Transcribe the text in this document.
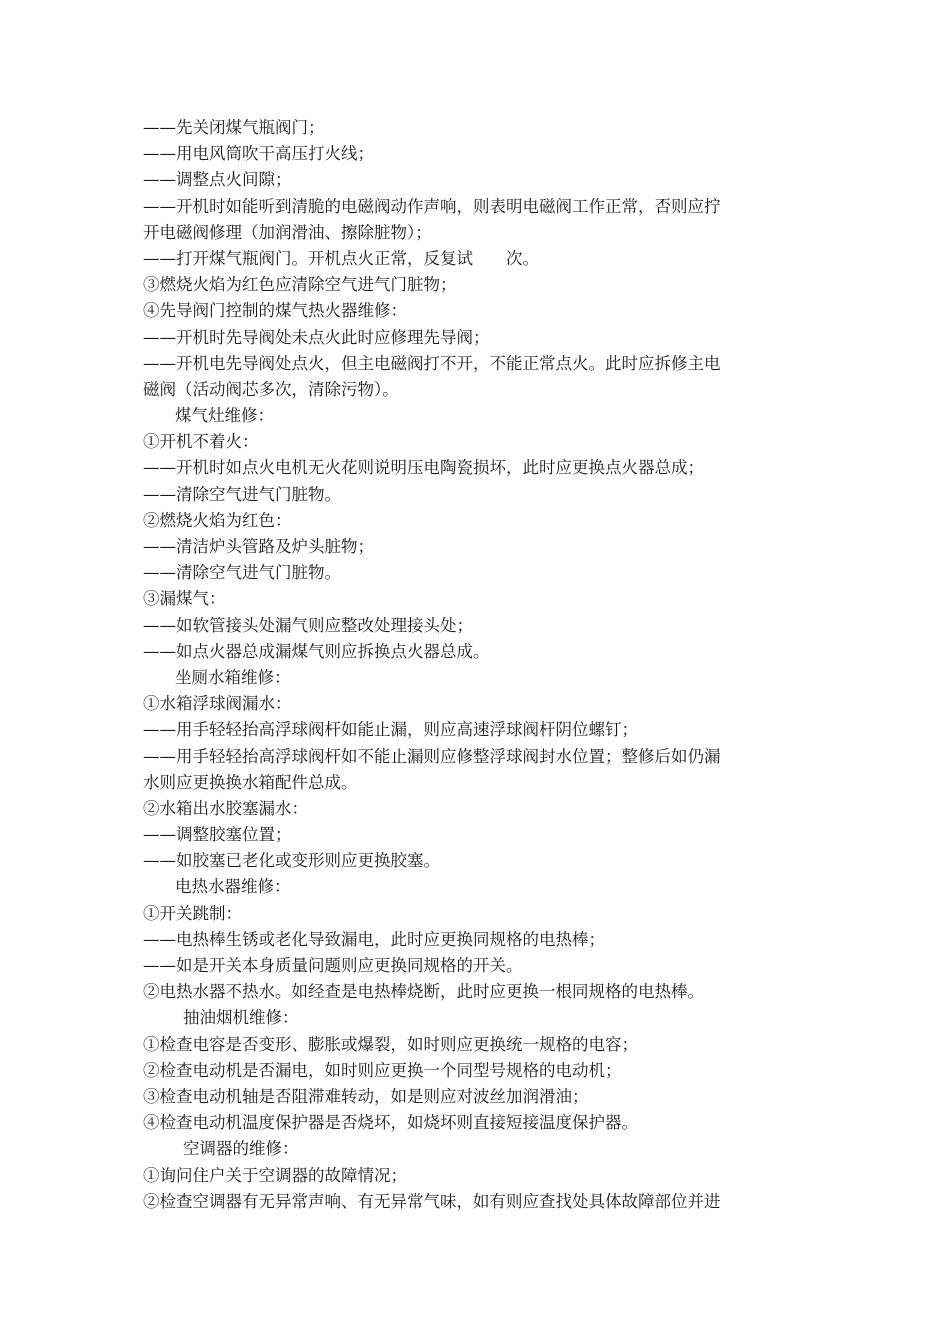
——先关闭煤气瓶阀门；
——用电风筒吹干高压打火线；
——调整点火间隙；
——开机时如能听到清脆的电磁阀动作声响，则表明电磁阀工作正常，否则应拧
开电磁阀修理（加润滑油、擦除脏物）；
——打开煤气瓶阀门。开机点火正常，反复试　　次。
③燃烧火焰为红色应清除空气进气门脏物；
④先导阀门控制的煤气热火器维修：
——开机时先导阀处未点火此时应修理先导阀；
——开机电先导阀处点火，但主电磁阀打不开，不能正常点火。此时应拆修主电
磁阀（活动阀芯多次，清除污物）。
煤气灶维修：
①开机不着火：
——开机时如点火电机无火花则说明压电陶瓷损坏，此时应更换点火器总成；
——清除空气进气门脏物。
②燃烧火焰为红色：
——清洁炉头管路及炉头脏物；
——清除空气进气门脏物。
③漏煤气：
——如软管接头处漏气则应整改处理接头处；
——如点火器总成漏煤气则应拆换点火器总成。
坐厕水箱维修：
①水箱浮球阀漏水：
——用手轻轻抬高浮球阀杆如能止漏，则应高速浮球阀杆阴位螺钉；
——用手轻轻抬高浮球阀杆如不能止漏则应修整浮球阀封水位置；整修后如仍漏
水则应更换换水箱配件总成。
②水箱出水胶塞漏水：
——调整胶塞位置；
——如胶塞已老化或变形则应更换胶塞。
电热水器维修：
①开关跳制：
——电热棒生锈或老化导致漏电，此时应更换同规格的电热棒；
——如是开关本身质量问题则应更换同规格的开关。
②电热水器不热水。如经查是电热棒烧断，此时应更换一根同规格的电热棒。
抽油烟机维修：
①检查电容是否变形、膨胀或爆裂，如时则应更换统一规格的电容；
②检查电动机是否漏电，如时则应更换一个同型号规格的电动机；
③检查电动机轴是否阻滞难转动，如是则应对波丝加润滑油；
④检查电动机温度保护器是否烧坏，如烧坏则直接短接温度保护器。
空调器的维修：
①询问住户关于空调器的故障情况；
②检查空调器有无异常声响、有无异常气味，如有则应查找处具体故障部位并进
